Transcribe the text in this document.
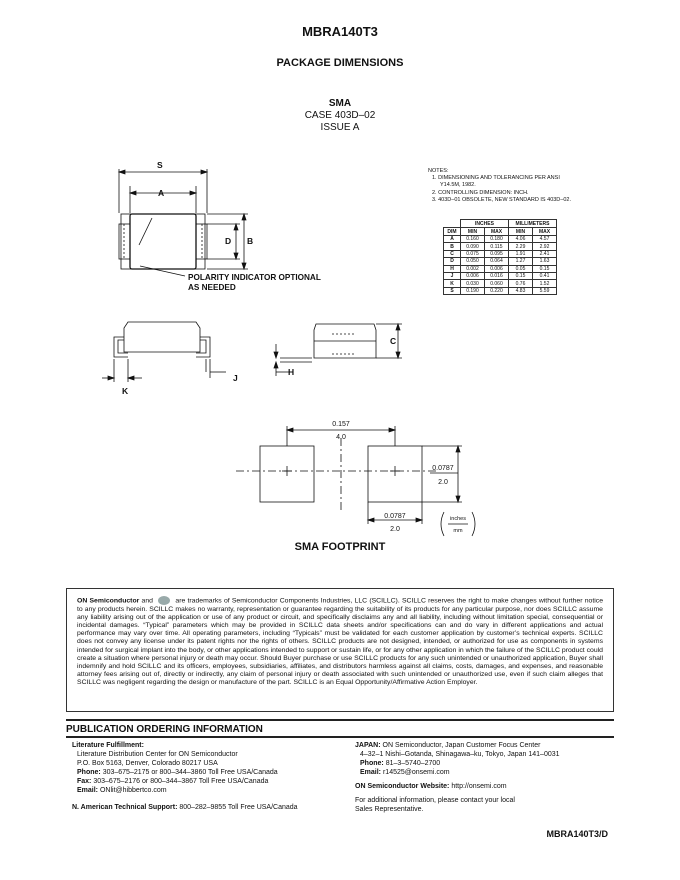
MBRA140T3
PACKAGE DIMENSIONS
SMA
CASE 403D–02
ISSUE A
S
A
D B
C
K
J
H
POLARITY INDICATOR OPTIONAL
AS NEEDED
NOTES:
1. DIMENSIONING AND TOLERANCING PER ANSI Y14.5M, 1982.
2. CONTROLLING DIMENSION: INCH.
3. 403D–01 OBSOLETE, NEW STANDARD IS 403D–02.
	INCHES		MILLIMETERS	
DIM	MIN	MAX	MIN	MAX
A	0.160	0.180	4.06	4.57
B	0.090	0.115	2.29	2.92
C	0.075	0.095	1.91	2.41
D	0.050	0.064	1.27	1.63
H	0.002	0.006	0.05	0.15
J	0.006	0.016	0.15	0.41
K	0.030	0.060	0.76	1.52
S	0.190	0.220	4.83	5.59
0.157
4.0
0.0787
2.0
0.0787
2.0
inches
mm
SMA FOOTPRINT
ON Semiconductor and	are trademarks of Semiconductor Components Industries, LLC (SCILLC). SCILLC reserves the right to make changes without further notice to any products herein. SCILLC makes no warranty, representation or guarantee regarding the suitability of its products for any particular purpose, nor does SCILLC assume any liability arising out of the application or use of any product or circuit, and specifically disclaims any and all liability, including without limitation special, consequential or incidental damages. “Typical” parameters which may be provided in SCILLC data sheets and/or specifications can and do vary in different applications and actual performance may vary over time. All operating parameters, including “Typicals” must be validated for each customer application by customer’s technical experts. SCILLC does not convey any license under its patent rights nor the rights of others. SCILLC products are not designed, intended, or authorized for use as components in systems intended for surgical implant into the body, or other applications intended to support or sustain life, or for any other application in which the failure of the SCILLC product could create a situation where personal injury or death may occur. Should Buyer purchase or use SCILLC products for any such unintended or unauthorized application, Buyer shall indemnify and hold SCILLC and its officers, employees, subsidiaries, affiliates, and distributors harmless against all claims, costs, damages, and expenses, and reasonable attorney fees arising out of, directly or indirectly, any claim of personal injury or death associated with such unintended or unauthorized use, even if such claim alleges that SCILLC was negligent regarding the design or manufacture of the part. SCILLC is an Equal Opportunity/Affirmative Action Employer.
PUBLICATION ORDERING INFORMATION
Literature Fulfillment:
Literature Distribution Center for ON Semiconductor
P.O. Box 5163, Denver, Colorado 80217 USA
Phone: 303–675–2175 or 800–344–3860 Toll Free USA/Canada
Fax: 303–675–2176 or 800–344–3867 Toll Free USA/Canada
Email: ONlit@hibbertco.com

N. American Technical Support: 800–282–9855 Toll Free USA/Canada
JAPAN: ON Semiconductor, Japan Customer Focus Center
4–32–1 Nishi–Gotanda, Shinagawa–ku, Tokyo, Japan 141–0031
Phone: 81–3–5740–2700
Email: r14525@onsemi.com

ON Semiconductor Website: http://onsemi.com

For additional information, please contact your local
Sales Representative.
MBRA140T3/D
